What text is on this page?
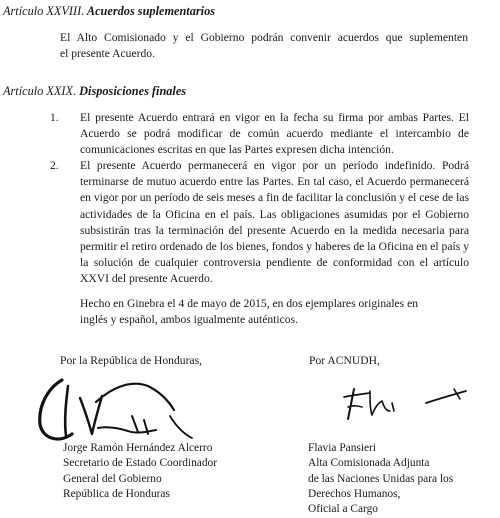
Artículo XXVIII. Acuerdos suplementarios
El Alto Comisionado y el Gobierno podrán convenir acuerdos que suplementen
el presente Acuerdo.
Artículo XXIX. Disposiciones finales
1. El presente Acuerdo entrará en vigor en la fecha su firma por ambas Partes. El
Acuerdo se podrá modificar de común acuerdo mediante el intercambio de
comunicaciones escritas en que las Partes expresen dicha intención.
2. El presente Acuerdo permanecerá en vigor por un período indefinido. Podrá
terminarse de mutuo acuerdo entre las Partes. En tal caso, el Acuerdo permanecerá
en vigor por un período de seis meses a fin de facilitar la conclusión y el cese de las
actividades de la Oficina en el país. Las obligaciones asumidas por el Gobierno
subsistirán tras la terminación del presente Acuerdo en la medida necesaria para
permitir el retiro ordenado de los bienes, fondos y haberes de la Oficina en el país y
la solución de cualquier controversia pendiente de conformidad con el artículo
XXVI del presente Acuerdo.
Hecho en Ginebra el 4 de mayo de 2015, en dos ejemplares originales en
inglés y español, ambos igualmente auténticos.
Por la República de Honduras,	Por ACNUDH,
Jorge Ramón Hernández Alcerro
Secretario de Estado Coordinador
General del Gobierno
República de Honduras
Flavia Pansieri
Alta Comisionada Adjunta
de las Naciones Unidas para los
Derechos Humanos,
Oficial a Cargo
